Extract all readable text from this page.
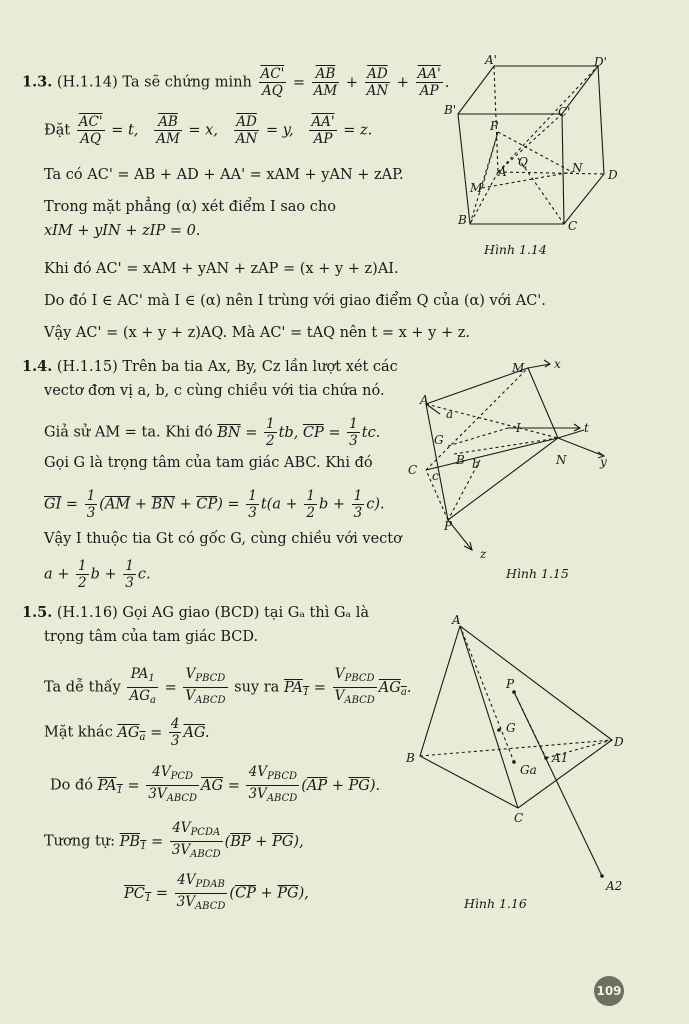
1.3. (H.1.14) Ta sẽ chứng minh $\frac{AC'}{AQ} = \frac{\overline{AB}}{AM} + \frac{\overline{AD}}{AN} + \frac{AA'}{AP}$ .
Đặt $\frac{AC'}{AQ} = t$, $\frac{\overline{AB}}{AM} = x$, $\frac{\overline{AD}}{AN} = y$, $\frac{AA'}{AP} = z$.
Ta có AC' = AB + AD + AA' = xAM + yAN + zAP.
Trong mặt phẳng (α) xét điểm I sao cho
xIM + yIN + zIP = 0.
Khi đó AC' = xAM + yAN + zAP = (x + y + z)AI.
Do đó I ∈ AC' mà I ∈ (α) nên I trùng với giao điểm Q của (α) với AC'.
Vậy AC' = (x + y + z)AQ. Mà AC' = tAQ nên t = x + y + z.
A'	D'
B'	C'
P
Q
A	N D
M
B	C
Hình 1.14
1.4. (H.1.15) Trên ba tia Ax, By, Cz lần lượt xét các
vectơ đơn vị a, b, c cùng chiều với tia chứa nó.
Giả sử AM = ta. Khi đó $\overline{BN} = \frac{1}{2}$ tb, $\overline{CP} = \frac{1}{3}$ tc.
Gọi G là trọng tâm của tam giác ABC. Khi đó
$\overline{GI} = \frac{1}{3} (\overline{AM} + \overline{BN} + \overline{CP}) = \frac{1}{3} t(a + \frac{1}{2}$ $b + \frac{1}{3} c$).
Vậy I thuộc tia Gt có gốc G, cùng chiều với vectơ
$a + \frac{1}{2}$ $b + \frac{1}{3} c$.
M x
A
a
G
I	t
C
B b	N	y
c
P
z
Hình 1.15
1.5. (H.1.16) Gọi AG giao (BCD) tại Gₐ thì Gₐ là
trọng tâm của tam giác BCD.
Ta dễ thấy
$PA_1$
$AG_a$
=
$V_{PBCD}$
$V_{ABCD}$
suy ra $PA_1$ =
$V_{PBCD}$
$V_{ABCD}$
$AG_a$.
Mặt khác $AG_a = \frac{4}{3} \overline{AG}$.
Do đó $PA_1$ =
$4V_{PCD}$
$3V_{ABCD}$
$\overline{AG}$ =
$4V_{PBCD}$
$3V_{ABCD}$
$(\overline{AP} + \overline{PG})$.
Tương tự: $PB_1$ =
$4V_{PCDA}$
$3V_{ABCD}$
$(\overline{BP} + \overline{PG})$,
$PC_1$ =
$4V_{PDAB}$
$3V_{ABCD}$
$(\overline{CP} + \overline{PG})$,
A
P
G
B
D
A1
Ga
C
A2
Hình 1.16
109
